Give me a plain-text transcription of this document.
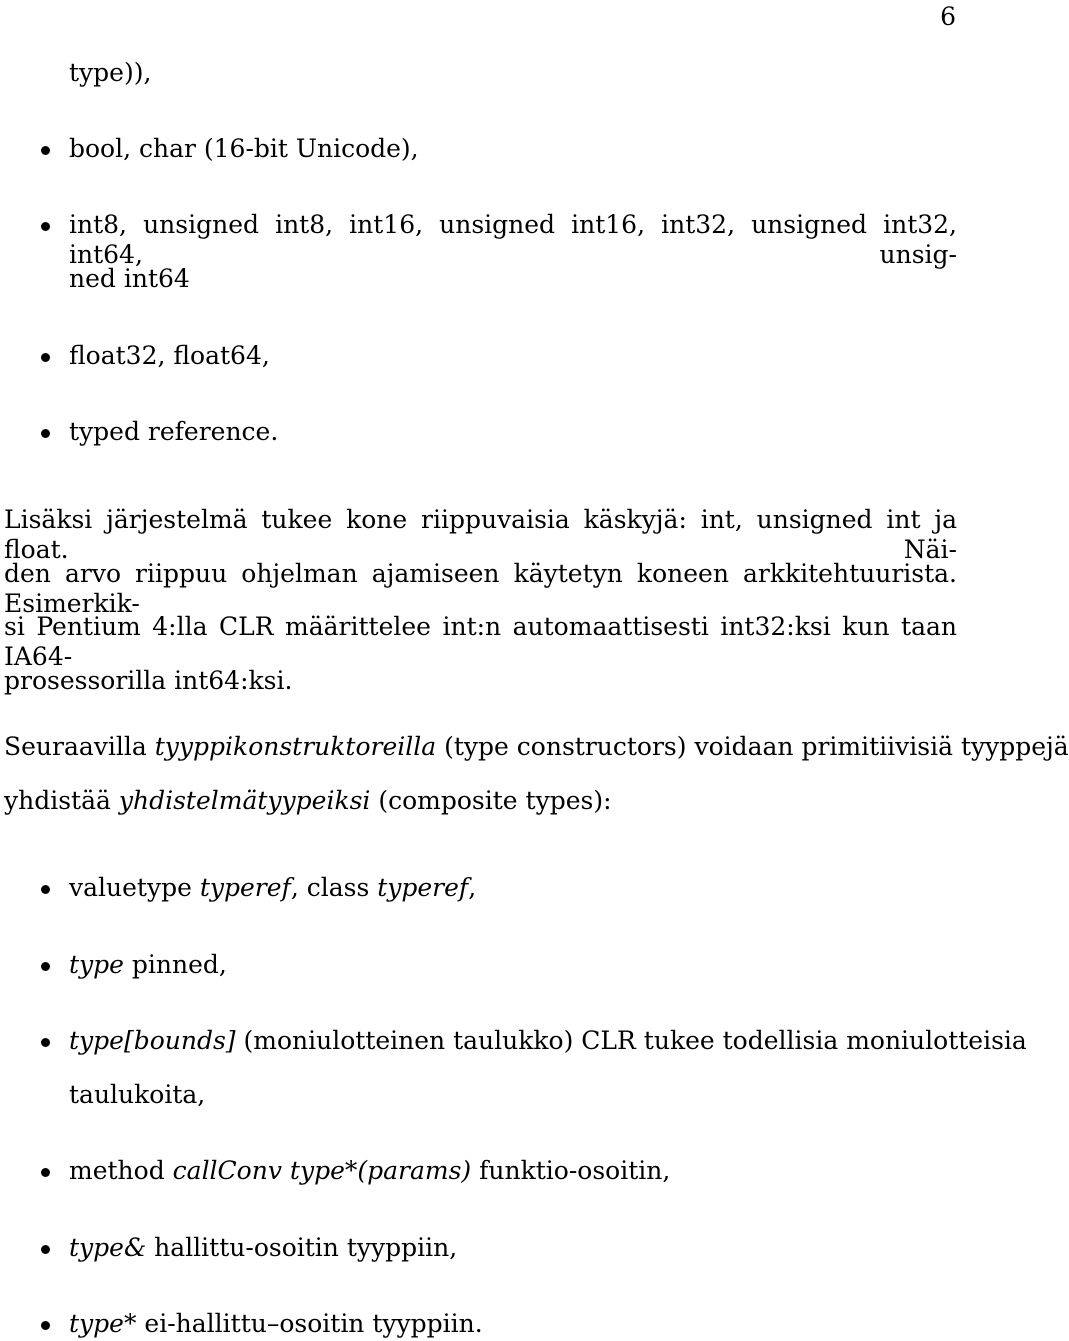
6
type)),
bool, char (16-bit Unicode),
int8, unsigned int8, int16, unsigned int16, int32, unsigned int32, int64, unsig-
ned int64
float32, float64,
typed reference.
Lisäksi järjestelmä tukee kone riippuvaisia käskyjä: int, unsigned int ja float. Näi-
den arvo riippuu ohjelman ajamiseen käytetyn koneen arkkitehtuurista. Esimerkik-
si Pentium 4:lla CLR määrittelee int:n automaattisesti int32:ksi kun taan IA64-
prosessorilla int64:ksi.
Seuraavilla tyyppikonstruktoreilla (type constructors) voidaan primitiivisiä tyyppejä
yhdistää yhdistelmätyypeiksi (composite types):
valuetype typeref, class typeref,
type pinned,
type[bounds] (moniulotteinen taulukko) CLR tukee todellisia moniulotteisia
taulukoita,
method callConv type*(params) funktio-osoitin,
type& hallittu-osoitin tyyppiin,
type* ei-hallittu–osoitin tyyppiin.
